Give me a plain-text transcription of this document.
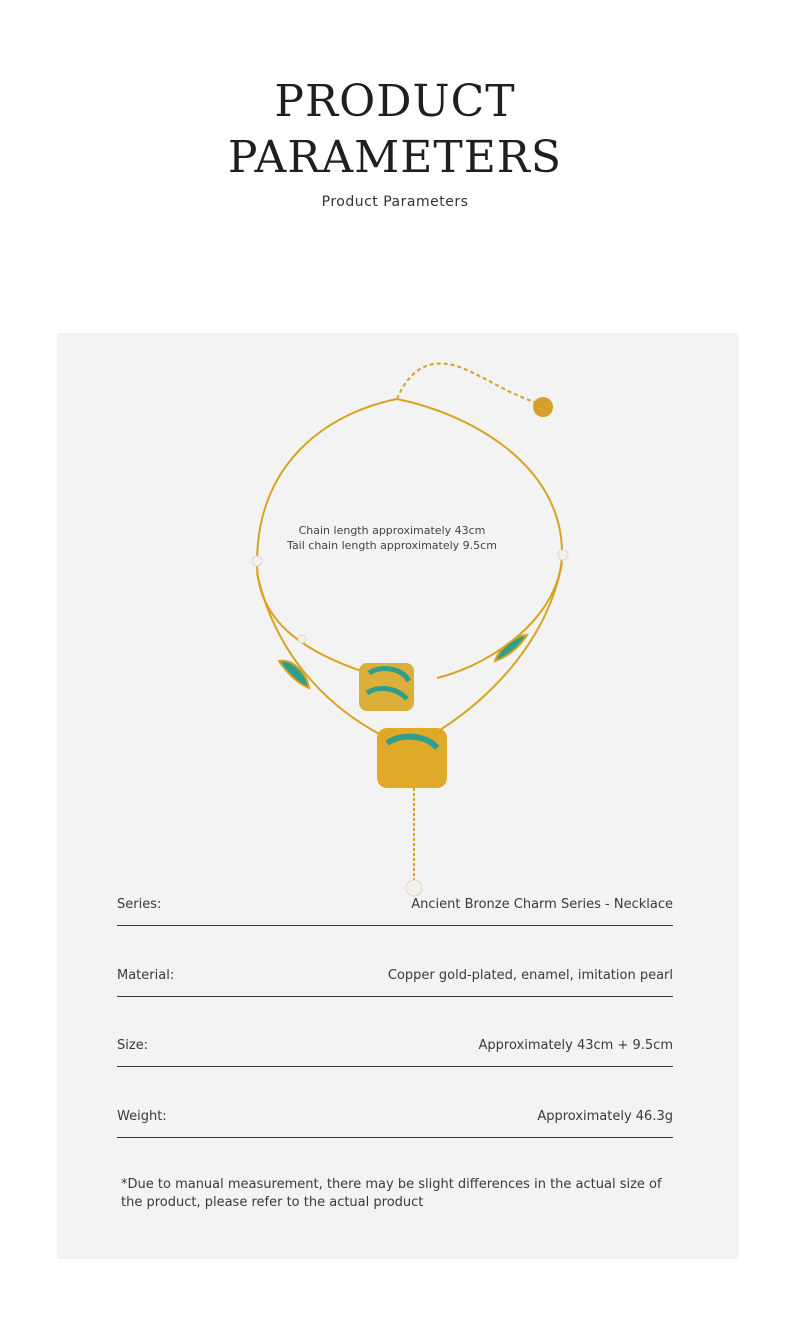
PRODUCT
PARAMETERS
Product Parameters
Chain length approximately 43cm
Tail chain length approximately 9.5cm
Series:	Ancient Bronze Charm Series - Necklace
Material:	Copper gold-plated, enamel, imitation pearl
Size:	Approximately 43cm + 9.5cm
Weight:	Approximately 46.3g
*Due to manual measurement, there may be slight differences in the actual size of the product, please refer to the actual product
